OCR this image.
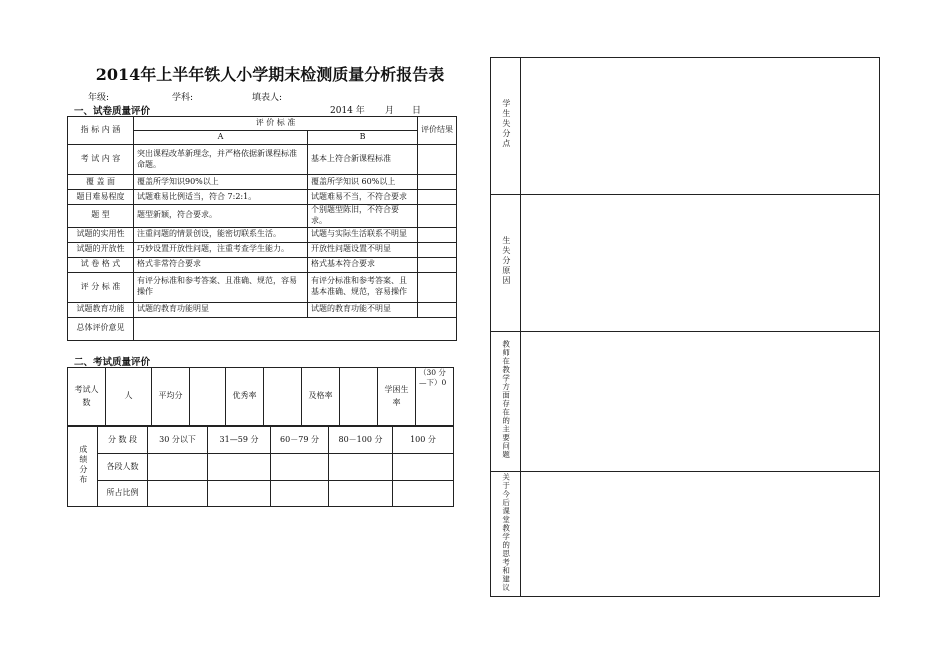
2014年上半年铁人小学期末检测质量分析报告表
年级:	学科:	填表人:
一、试卷质量评价	2014 年 月 日
指 标 内 涵	评 价 标 准		评价结果
	A	B	
考 试 内 容	突出课程改革新理念，并严格依据新课程标准命题。	基本上符合新课程标准	
覆 盖 面	覆盖所学知识90%以上	覆盖所学知识 60%以上	
题目难易程度	试题难易比例适当，符合 7:2:1。	试题难易不当，不符合要求	
题 型	题型新颖，符合要求。	个别题型陈旧，不符合要求。	
试题的实用性	注重问题的情景创设，能密切联系生活。	试题与实际生活联系不明显	
试题的开放性	巧妙设置开放性问题，注重考查学生能力。	开放性问题设置不明显	
试 卷 格 式	格式非常符合要求	格式基本符合要求	
评 分 标 准	有评分标准和参考答案、且准确、规范，容易操作	有评分标准和参考答案、且基本准确、规范，容易操作	
试题教育功能	试题的教育功能明显	试题的教育功能不明显	
总体评价意见			
二、考试质量评价
考试人数	人	平均分		优秀率		及格率		学困生率	（30 分—下）0
成绩分布	分 数 段	30 分以下	31—59 分	60－79 分	80－100 分	100 分
	各段人数					
	所占比例					
学生失分点	
生失分原因	
教师在教学方面存在的主要问题	
关于今后课堂教学的思考和建议	
